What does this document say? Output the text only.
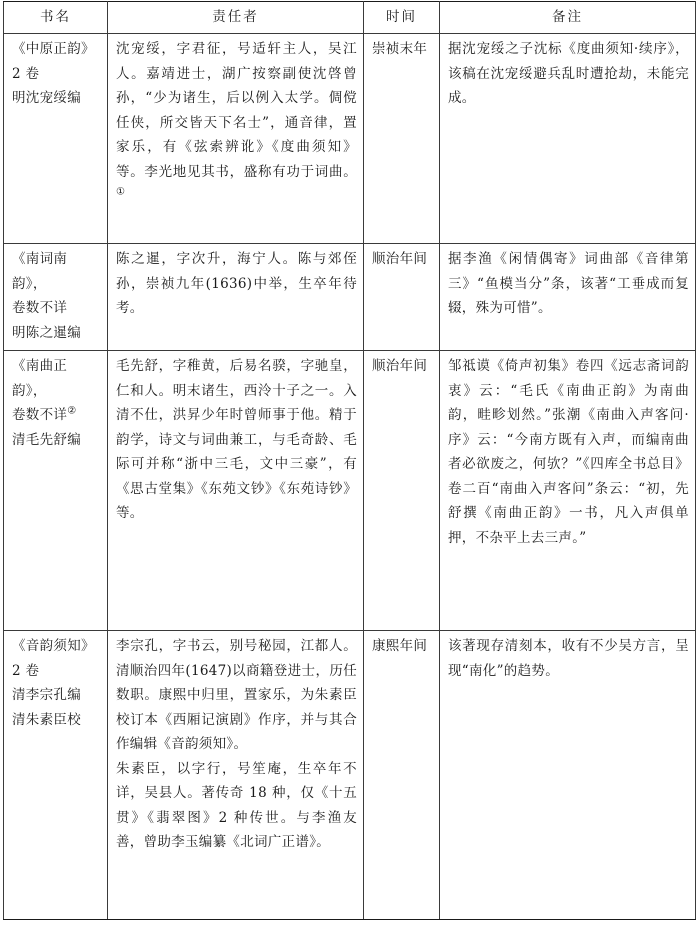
书名	责任者	时间	备注

《中原正韵》
2 卷
明沈宠绥编	沈宠绥，字君征，号适轩主人，吴江人。嘉靖进士，湖广按察副使沈啓曾孙，“少为诸生，后以例入太学。倜傥任侠，所交皆天下名士”，通音律，置家乐，有《弦索辨讹》《度曲须知》等。李光地见其书，盛称有功于词曲。①	崇祯末年	据沈宠绥之子沈标《度曲须知·续序》，该稿在沈宠绥避兵乱时遭抢劫，未能完成。

《南词南韵》，
卷数不详
明陈之暹编	陈之暹，字次升，海宁人。陈与郊侄孙，崇祯九年(1636)中举，生卒年待考。	顺治年间	据李渔《闲情偶寄》词曲部《音律第三》“鱼模当分”条，该著“工垂成而复辍，殊为可惜”。

《南曲正韵》，
卷数不详②
清毛先舒编	毛先舒，字稚黄，后易名骙，字驰皇，仁和人。明末诸生，西泠十子之一。入清不仕，洪昇少年时曾师事于他。精于韵学，诗文与词曲兼工，与毛奇龄、毛际可并称“浙中三毛，文中三豪”，有《思古堂集》《东苑文钞》《东苑诗钞》等。	顺治年间	邹祗谟《倚声初集》卷四《远志斋词韵衷》云：“毛氏《南曲正韵》为南曲韵，畦畛划然。”张潮《南曲入声客问·序》云：“今南方既有入声，而编南曲者必欲废之，何欤？”《四库全书总目》卷二百“南曲入声客问”条云：“初，先舒撰《南曲正韵》一书，凡入声俱单押，不杂平上去三声。”

《音韵须知》
2 卷
清李宗孔编
清朱素臣校	李宗孔，字书云，别号秘园，江都人。清顺治四年(1647)以商籍登进士，历任数职。康熙中归里，置家乐，为朱素臣校订本《西厢记演剧》作序，并与其合作编辑《音韵须知》。
朱素臣，以字行，号笙庵，生卒年不详，吴县人。著传奇 18 种，仅《十五贯》《翡翠图》2 种传世。与李渔友善，曾助李玉编纂《北词广正谱》。	康熙年间	该著现存清刻本，收有不少吴方言，呈现“南化”的趋势。
